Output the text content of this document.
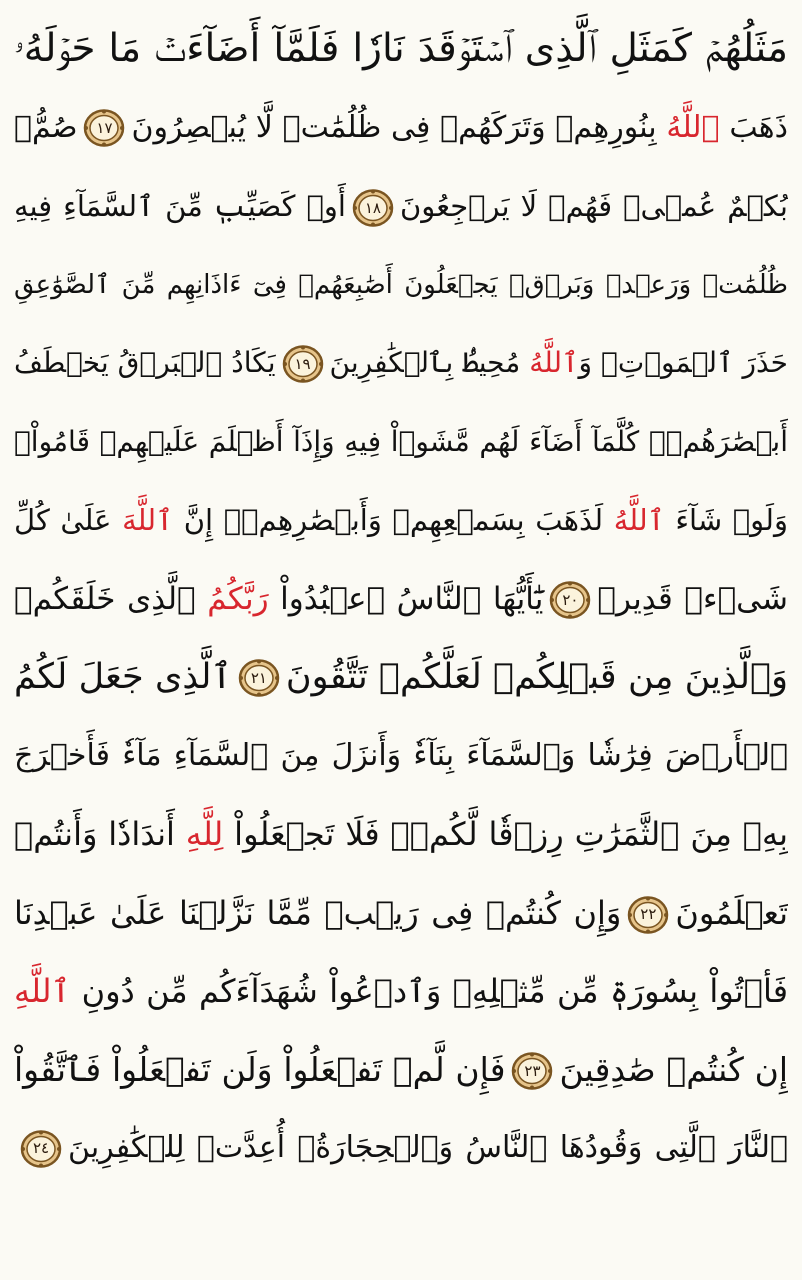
مَثَلُهُمۡ كَمَثَلِ ٱلَّذِى ٱسۡتَوۡقَدَ نَارٗا فَلَمَّآ أَضَآءَتۡ مَا حَوۡلَهُۥ
ذَهَبَ ٱللَّهُ بِنُورِهِمۡ وَتَرَكَهُمۡ فِى ظُلُمَٰتٖ لَّا يُبۡصِرُونَ
١٧
صُمُّۢ
بُكۡمٌ عُمۡىٞ فَهُمۡ لَا يَرۡجِعُونَ
١٨
أَوۡ كَصَيِّبٖ مِّنَ ٱلسَّمَآءِ فِيهِ
ظُلُمَٰتٞ وَرَعۡدٞ وَبَرۡقٞ يَجۡعَلُونَ أَصَٰبِعَهُمۡ فِىٓ ءَاذَانِهِم مِّنَ ٱلصَّوَٰعِقِ
حَذَرَ ٱلۡمَوۡتِۚ وَٱللَّهُ مُحِيطُۢ بِٱلۡكَٰفِرِينَ
١٩
يَكَادُ ٱلۡبَرۡقُ يَخۡطَفُ
أَبۡصَٰرَهُمۡۖ كُلَّمَآ أَضَآءَ لَهُم مَّشَوۡاْ فِيهِ وَإِذَآ أَظۡلَمَ عَلَيۡهِمۡ قَامُواْۚ
وَلَوۡ شَآءَ ٱللَّهُ لَذَهَبَ بِسَمۡعِهِمۡ وَأَبۡصَٰرِهِمۡۚ إِنَّ ٱللَّهَ عَلَىٰ كُلِّ
شَىۡءٖ قَدِيرٞ
٢٠
يَٰٓأَيُّهَا ٱلنَّاسُ ٱعۡبُدُواْ رَبَّكُمُ ٱلَّذِى خَلَقَكُمۡ
وَٱلَّذِينَ مِن قَبۡلِكُمۡ لَعَلَّكُمۡ تَتَّقُونَ
٢١
ٱلَّذِى جَعَلَ لَكُمُ
ٱلۡأَرۡضَ فِرَٰشٗا وَٱلسَّمَآءَ بِنَآءٗ وَأَنزَلَ مِنَ ٱلسَّمَآءِ مَآءٗ فَأَخۡرَجَ
بِهِۦ مِنَ ٱلثَّمَرَٰتِ رِزۡقٗا لَّكُمۡۖ فَلَا تَجۡعَلُواْ لِلَّهِ أَندَادٗا وَأَنتُمۡ
تَعۡلَمُونَ
٢٢
وَإِن كُنتُمۡ فِى رَيۡبٖ مِّمَّا نَزَّلۡنَا عَلَىٰ عَبۡدِنَا
فَأۡتُواْ بِسُورَةٖ مِّن مِّثۡلِهِۦ وَٱدۡعُواْ شُهَدَآءَكُم مِّن دُونِ ٱللَّهِ
إِن كُنتُمۡ صَٰدِقِينَ
٢٣
فَإِن لَّمۡ تَفۡعَلُواْ وَلَن تَفۡعَلُواْ فَٱتَّقُواْ
ٱلنَّارَ ٱلَّتِى وَقُودُهَا ٱلنَّاسُ وَٱلۡحِجَارَةُۖ أُعِدَّتۡ لِلۡكَٰفِرِينَ
٢٤
